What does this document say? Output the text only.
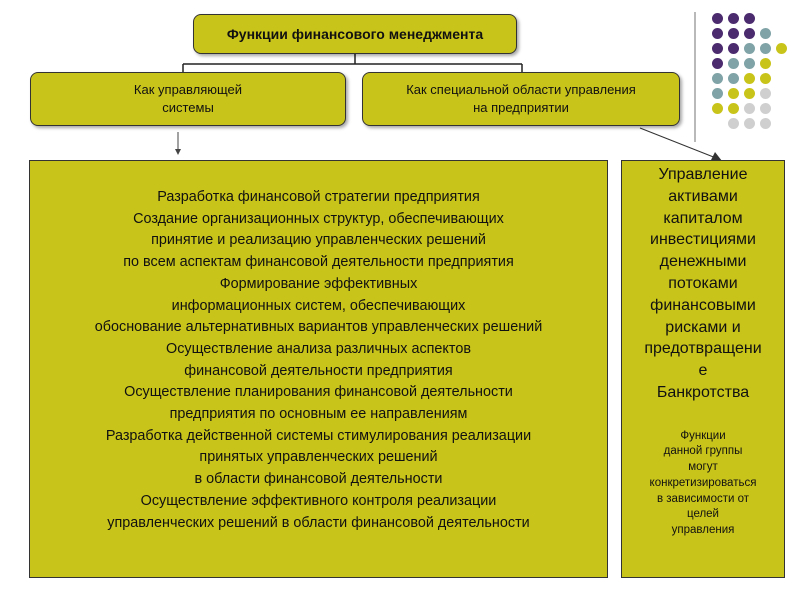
Функции финансового менеджмента
Как управляющей
системы
Как специальной области управления
на предприятии
Разработка финансовой стратегии предприятия
Создание организационных структур, обеспечивающих
принятие и реализацию управленческих решений
по всем аспектам финансовой деятельности предприятия
Формирование эффективных
информационных систем, обеспечивающих
обоснование альтернативных вариантов управленческих решений
Осуществление анализа различных аспектов
финансовой деятельности предприятия
Осуществление планирования финансовой деятельности
предприятия по основным ее направлениям
Разработка действенной системы стимулирования реализации
принятых управленческих решений
в области финансовой деятельности
Осуществление эффективного контроля реализации
управленческих решений в области финансовой деятельности
Управление
активами
капиталом
инвестициями
денежными
потоками
финансовыми
рисками и
предотвращени
е
Банкротства
Функции
данной группы
могут
конкретизироваться
в зависимости от
целей
управления
